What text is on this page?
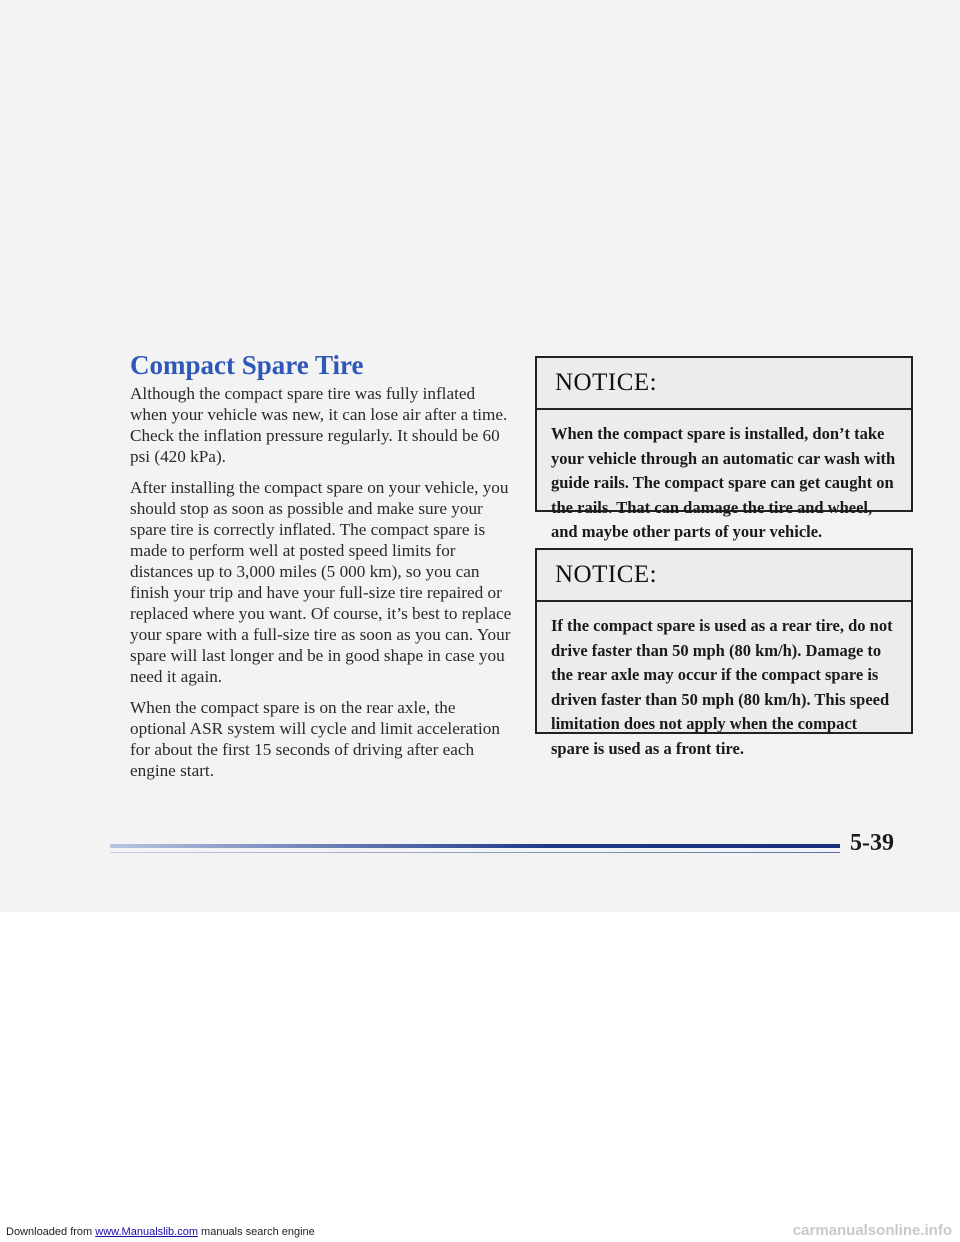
Compact Spare Tire

Although the compact spare tire was fully inflated when your vehicle was new, it can lose air after a time. Check the inflation pressure regularly. It should be 60 psi (420 kPa).

After installing the compact spare on your vehicle, you should stop as soon as possible and make sure your spare tire is correctly inflated. The compact spare is made to perform well at posted speed limits for distances up to 3,000 miles (5 000 km), so you can finish your trip and have your full-size tire repaired or replaced where you want. Of course, it’s best to replace your spare with a full-size tire as soon as you can. Your spare will last longer and be in good shape in case you need it again.

When the compact spare is on the rear axle, the optional ASR system will cycle and limit acceleration for about the first 15 seconds of driving after each engine start.

NOTICE:
When the compact spare is installed, don’t take your vehicle through an automatic car wash with guide rails. The compact spare can get caught on the rails. That can damage the tire and wheel, and maybe other parts of your vehicle.
NOTICE:
If the compact spare is used as a rear tire, do not drive faster than 50 mph (80 km/h). Damage to the rear axle may occur if the compact spare is driven faster than 50 mph (80 km/h). This speed limitation does not apply when the compact spare is used as a front tire.
5-39
Downloaded from www.Manualslib.com manuals search engine	carmanualsonline.info
